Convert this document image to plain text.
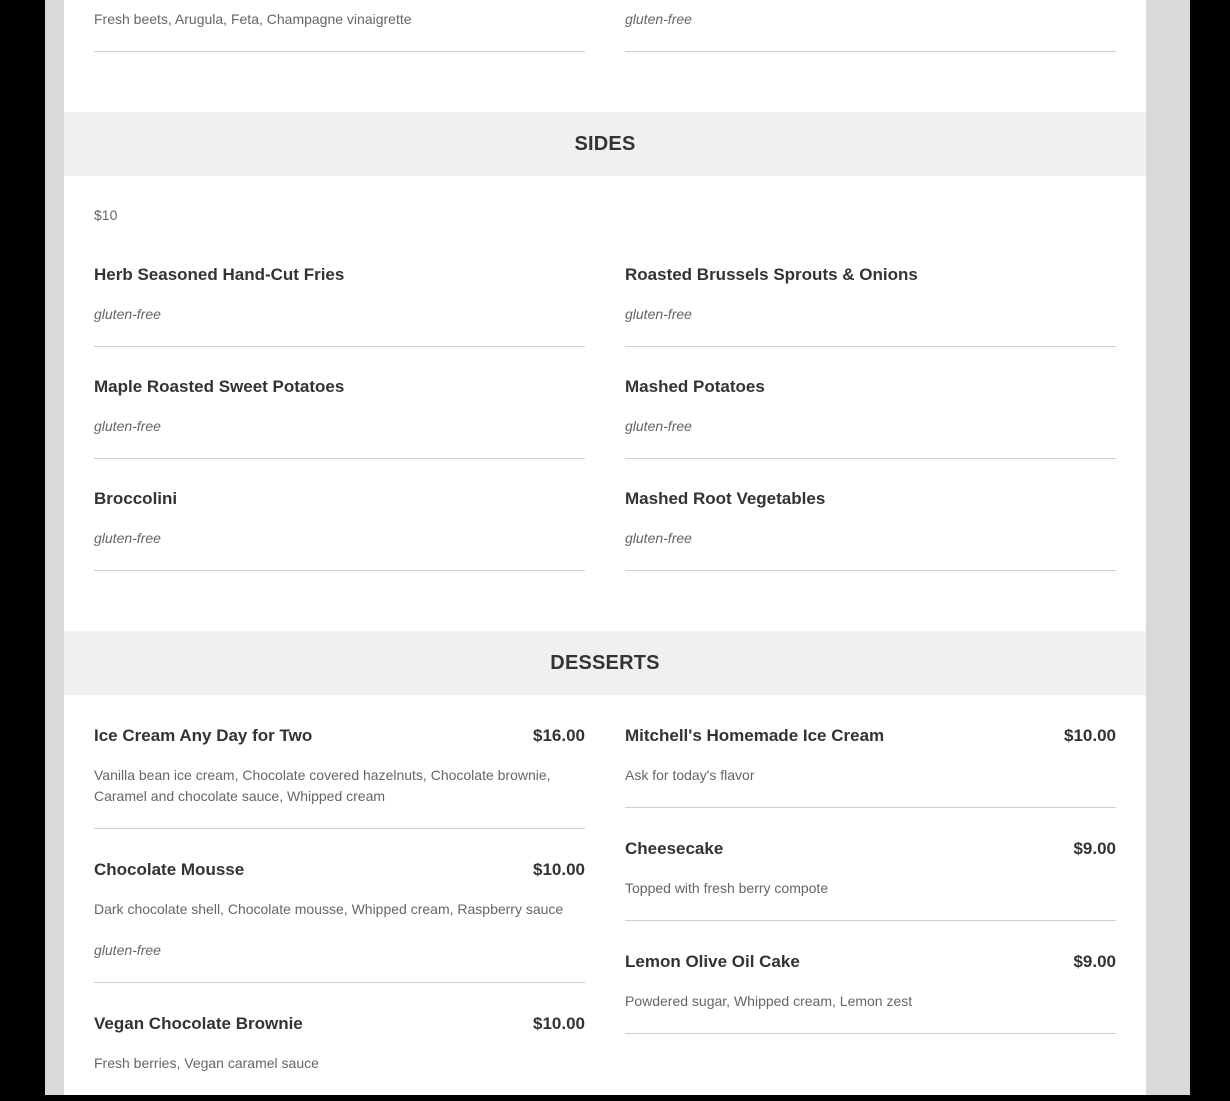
Fresh beets, Arugula, Feta, Champagne vinaigrette	gluten-free
SIDES
$10
Herb Seasoned Hand-Cut Fries
gluten-free
Roasted Brussels Sprouts & Onions
gluten-free
Maple Roasted Sweet Potatoes
gluten-free
Mashed Potatoes
gluten-free
Broccolini
gluten-free
Mashed Root Vegetables
gluten-free
DESSERTS
Ice Cream Any Day for Two	$16.00
Vanilla bean ice cream, Chocolate covered hazelnuts, Chocolate brownie, Caramel and chocolate sauce, Whipped cream
Chocolate Mousse	$10.00
Dark chocolate shell, Chocolate mousse, Whipped cream, Raspberry sauce
gluten-free
Vegan Chocolate Brownie	$10.00
Fresh berries, Vegan caramel sauce
Mitchell's Homemade Ice Cream	$10.00
Ask for today's flavor
Cheesecake	$9.00
Topped with fresh berry compote
Lemon Olive Oil Cake	$9.00
Powdered sugar, Whipped cream, Lemon zest
